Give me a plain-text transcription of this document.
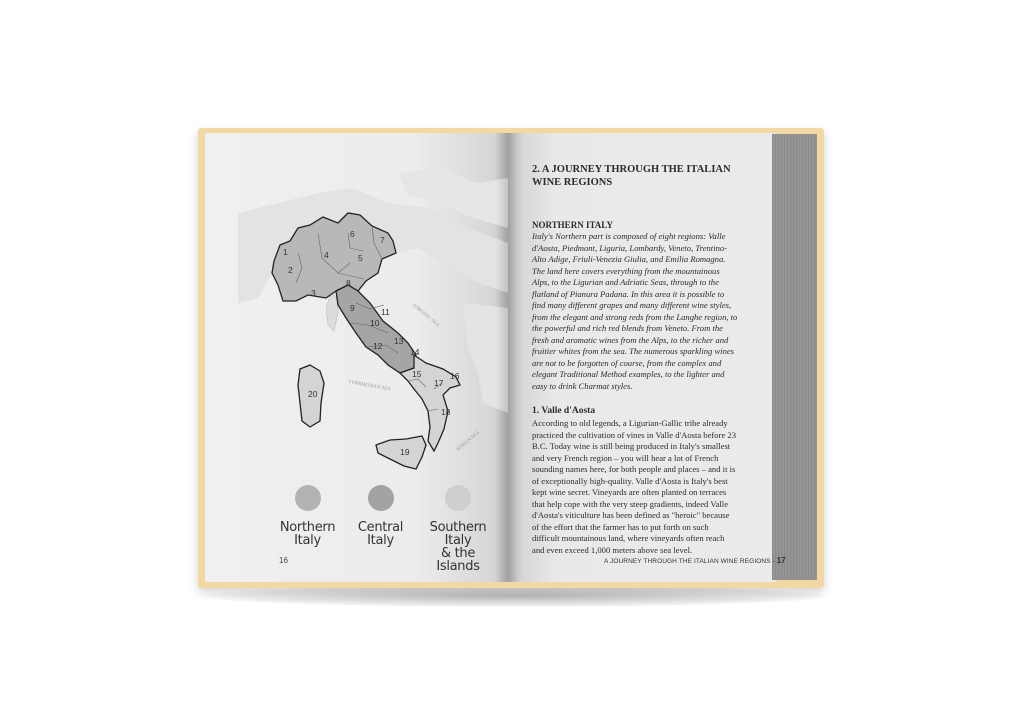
ADRIATIC SEA
TYRRHENIAN SEA
IONIAN SEA
1
2
3
4	5
6
7
8
9
10
11
12 13
14
15	16
17
18
19
20
Northern Italy
Central Italy
Southern Italy
& the Islands
16

2. A JOURNEY THROUGH THE ITALIAN
WINE REGIONS

NORTHERN ITALY

Italy's Northern part is composed of eight regions: Valle d'Aosta, Piedmont, Liguria, Lombardy, Veneto, Trentino-Alto Adige, Friuli-Venezia Giulia, and Emilia Romagna. The land here covers everything from the mountainous Alps, to the Ligurian and Adriatic Seas, through to the flatland of Pianura Padana. In this area it is possible to find many different grapes and many different wine styles, from the elegant and strong reds from the Langhe region, to the powerful and rich red blends from Veneto. From the fresh and aromatic wines from the Alps, to the richer and fruitier whites from the sea. The numerous sparkling wines are not to be forgotten of course, from the complex and elegant Traditional Method examples, to the lighter and easy to drink Charmat styles.

1. Valle d'Aosta

According to old legends, a Ligurian-Gallic tribe already practiced the cultivation of vines in Valle d'Aosta before 23 B.C. Today wine is still being produced in Italy's smallest and very French region – you will hear a lot of French sounding names here, for both people and places – and it is of exceptionally high-quality. Valle d'Aosta is Italy's best kept wine secret. Vineyards are often planted on terraces that help cope with the very steep gradients, indeed Valle d'Aosta's viticulture has been defined as "heroic" because of the effort that the farmer has to put forth on such difficult mountainous land, where vineyards often reach and even exceed 1,000 meters above sea level.

A JOURNEY THROUGH THE ITALIAN WINE REGIONS - 17
